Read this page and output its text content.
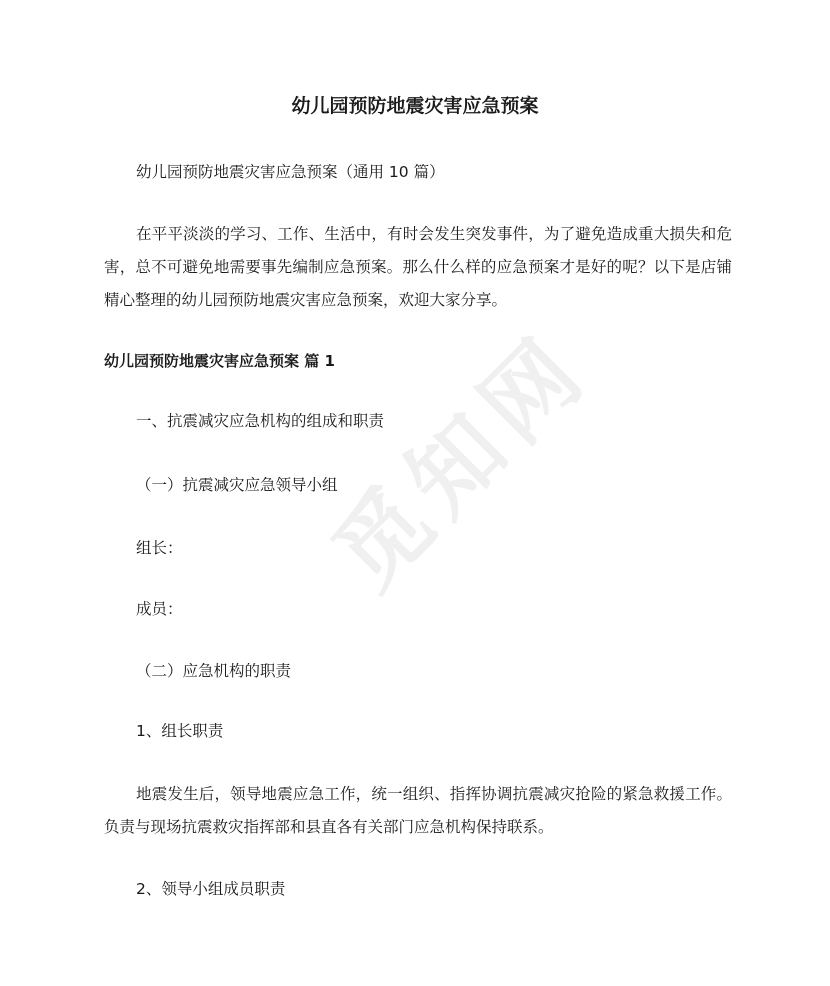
觅知网
幼儿园预防地震灾害应急预案

幼儿园预防地震灾害应急预案（通用 10 篇）

在平平淡淡的学习、工作、生活中，有时会发生突发事件，为了避免造成重大损失和危害，总不可避免地需要事先编制应急预案。那么什么样的应急预案才是好的呢？以下是店铺精心整理的幼儿园预防地震灾害应急预案，欢迎大家分享。

幼儿园预防地震灾害应急预案 篇 1

一、抗震减灾应急机构的组成和职责

（一）抗震减灾应急领导小组

组长：

成员：

（二）应急机构的职责

1、组长职责

地震发生后，领导地震应急工作，统一组织、指挥协调抗震减灾抢险的紧急救援工作。负责与现场抗震救灾指挥部和县直各有关部门应急机构保持联系。

2、领导小组成员职责
